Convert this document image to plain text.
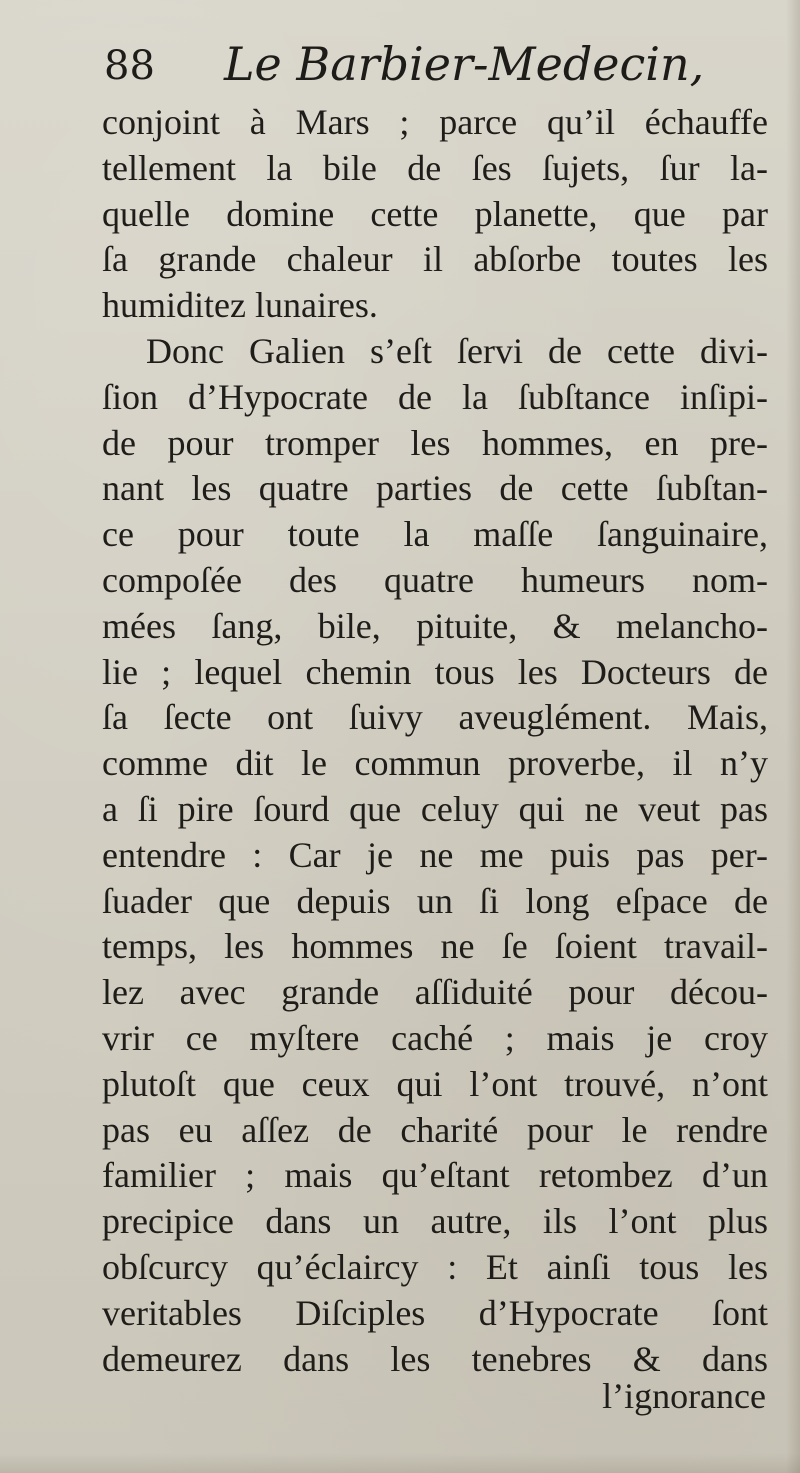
88 Le Barbier-Medecin,
conjoint à Mars ; parce qu’il échauffe
tellement la bile de ſes ſujets, ſur la-
quelle domine cette planette, que par
ſa grande chaleur il abſorbe toutes les
humiditez lunaires.
Donc Galien s’eſt ſervi de cette divi-
ſion d’Hypocrate de la ſubſtance inſipi-
de pour tromper les hommes, en pre-
nant les quatre parties de cette ſubſtan-
ce pour toute la maſſe ſanguinaire,
compoſée des quatre humeurs nom-
mées ſang, bile, pituite, & melancho-
lie ; lequel chemin tous les Docteurs de
ſa ſecte ont ſuivy aveuglément. Mais,
comme dit le commun proverbe, il n’y
a ſi pire ſourd que celuy qui ne veut pas
entendre : Car je ne me puis pas per-
ſuader que depuis un ſi long eſpace de
temps, les hommes ne ſe ſoient travail-
lez avec grande aſſiduité pour décou-
vrir ce myſtere caché ; mais je croy
plutoſt que ceux qui l’ont trouvé, n’ont
pas eu aſſez de charité pour le rendre
familier ; mais qu’eſtant retombez d’un
precipice dans un autre, ils l’ont plus
obſcurcy qu’éclaircy : Et ainſi tous les
veritables Diſciples d’Hypocrate ſont
demeurez dans les tenebres & dans
l’ignorance
